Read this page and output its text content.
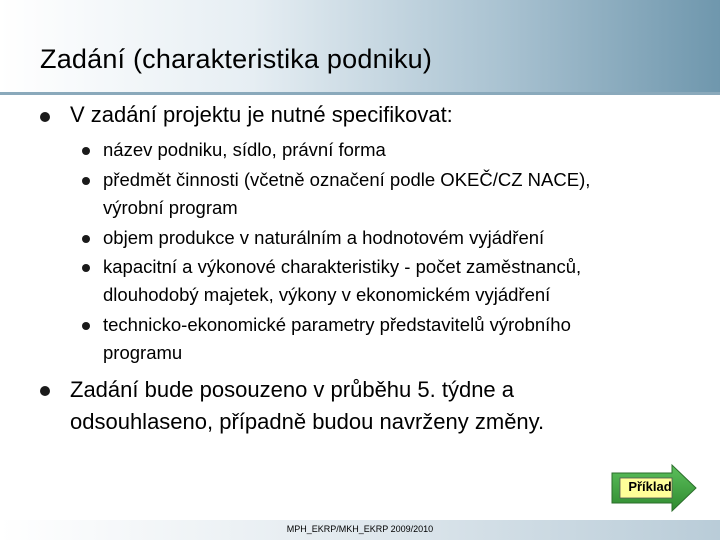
Zadání (charakteristika podniku)
V zadání projektu je nutné specifikovat:
název podniku, sídlo, právní forma
předmět činnosti (včetně označení podle OKEČ/CZ NACE),
výrobní program
objem produkce v naturálním a hodnotovém vyjádření
kapacitní a výkonové charakteristiky - počet zaměstnanců,
dlouhodobý majetek, výkony v ekonomickém vyjádření
technicko-ekonomické parametry představitelů výrobního
programu
Zadání bude posouzeno v průběhu 5. týdne a
odsouhlaseno, případně budou navrženy změny.
Příklad
MPH_EKRP/MKH_EKRP 2009/2010
